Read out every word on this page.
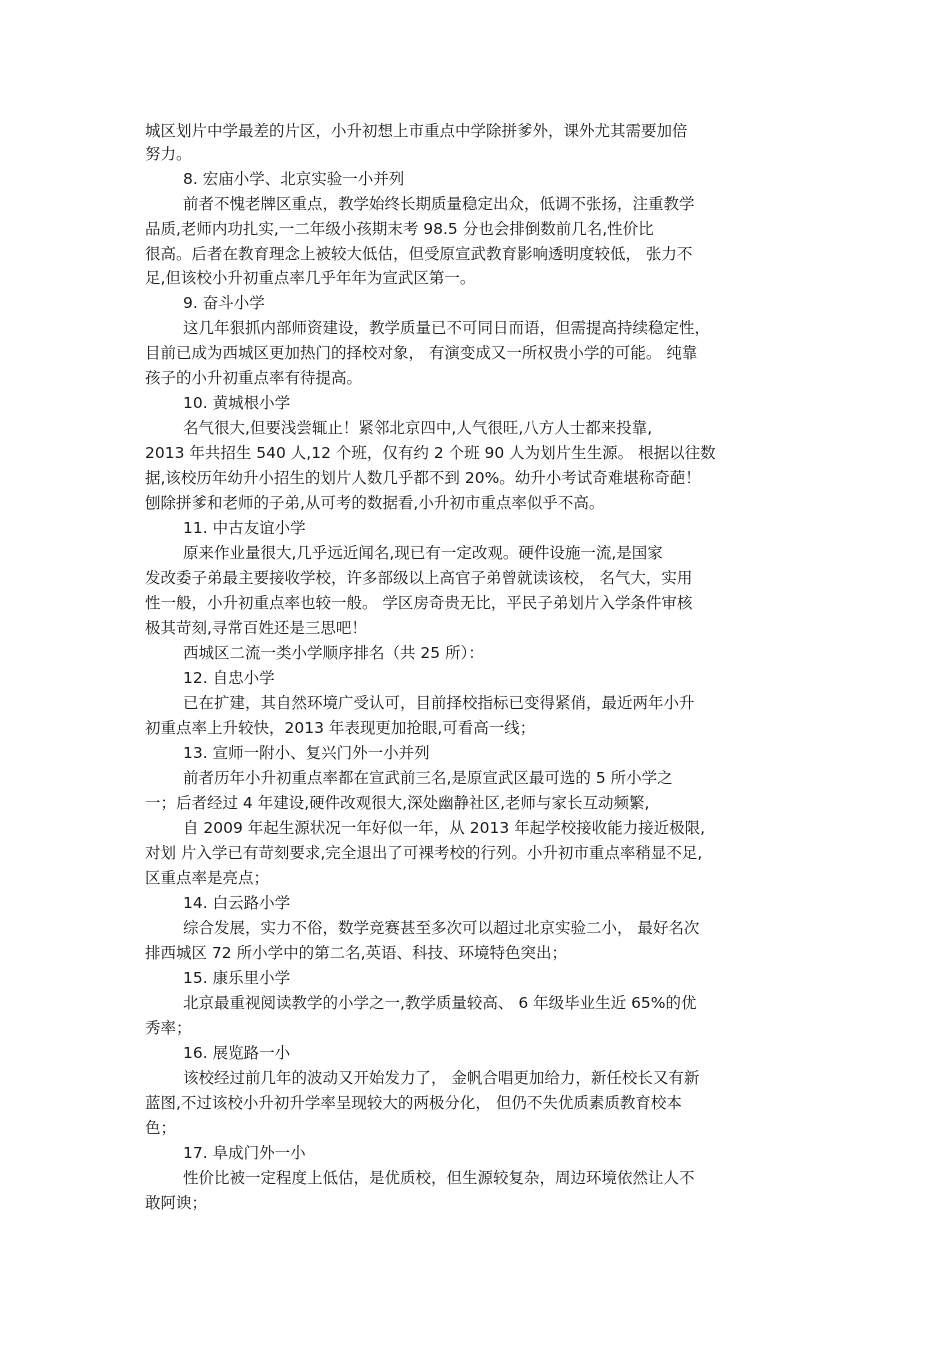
城区划片中学最差的片区，小升初想上市重点中学除拼爹外，课外尤其需要加倍
努力。
8. 宏庙小学、北京实验一小并列
前者不愧老牌区重点，教学始终长期质量稳定出众，低调不张扬，注重教学
品质,老师内功扎实,一二年级小孩期末考 98.5 分也会排倒数前几名,性价比
很高。后者在教育理念上被较大低估，但受原宣武教育影响透明度较低， 张力不
足,但该校小升初重点率几乎年年为宣武区第一。
9. 奋斗小学
这几年狠抓内部师资建设，教学质量已不可同日而语，但需提高持续稳定性，
目前已成为西城区更加热门的择校对象， 有演变成又一所权贵小学的可能。 纯靠
孩子的小升初重点率有待提高。
10. 黄城根小学
名气很大,但要浅尝辄止！紧邻北京四中,人气很旺,八方人士都来投靠,
2013 年共招生 540 人,12 个班，仅有约 2 个班 90 人为划片生生源。 根据以往数
据,该校历年幼升小招生的划片人数几乎都不到 20%。幼升小考试奇难堪称奇葩！
刨除拼爹和老师的子弟,从可考的数据看,小升初市重点率似乎不高。
11. 中古友谊小学
原来作业量很大,几乎远近闻名,现已有一定改观。硬件设施一流,是国家
发改委子弟最主要接收学校，许多部级以上高官子弟曾就读该校， 名气大，实用
性一般，小升初重点率也较一般。 学区房奇贵无比，平民子弟划片入学条件审核
极其苛刻,寻常百姓还是三思吧！
西城区二流一类小学顺序排名（共 25 所）：
12. 自忠小学
已在扩建，其自然环境广受认可，目前择校指标已变得紧俏，最近两年小升
初重点率上升较快，2013 年表现更加抢眼,可看高一线；
13. 宣师一附小、复兴门外一小并列
前者历年小升初重点率都在宣武前三名,是原宣武区最可选的 5 所小学之
一；后者经过 4 年建设,硬件改观很大,深处幽静社区,老师与家长互动频繁,
自 2009 年起生源状况一年好似一年，从 2013 年起学校接收能力接近极限,
对划 片入学已有苛刻要求,完全退出了可裸考校的行列。小升初市重点率稍显不足,
区重点率是亮点；
14. 白云路小学
综合发展，实力不俗，数学竞赛甚至多次可以超过北京实验二小， 最好名次
排西城区 72 所小学中的第二名,英语、科技、环境特色突出；
15. 康乐里小学
北京最重视阅读教学的小学之一,教学质量较高、 6 年级毕业生近 65%的优
秀率；
16. 展览路一小
该校经过前几年的波动又开始发力了， 金帆合唱更加给力，新任校长又有新
蓝图,不过该校小升初升学率呈现较大的两极分化， 但仍不失优质素质教育校本
色；
17. 阜成门外一小
性价比被一定程度上低估，是优质校，但生源较复杂，周边环境依然让人不
敢阿谀；
